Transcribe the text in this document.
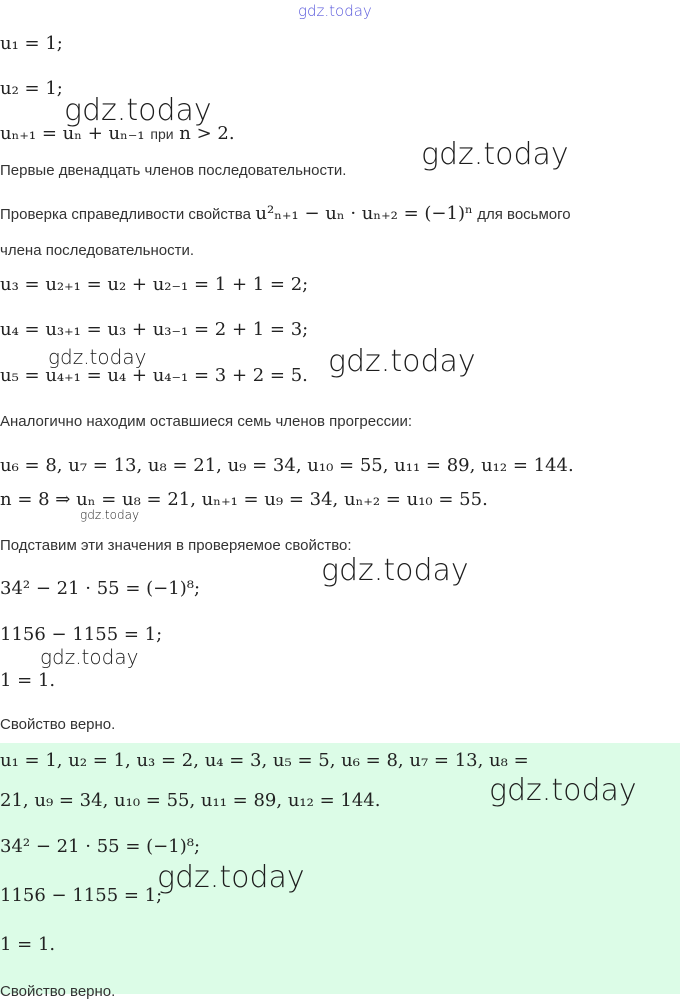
gdz.today
u₁ = 1;
u₂ = 1;
uₙ₊₁ = uₙ + uₙ₋₁ при n > 2.
Первые двенадцать членов последовательности.
Проверка справедливости свойства u²ₙ₊₁ − uₙ · uₙ₊₂ = (−1)ⁿ для восьмого
члена последовательности.
u₃ = u₂₊₁ = u₂ + u₂₋₁ = 1 + 1 = 2;
u₄ = u₃₊₁ = u₃ + u₃₋₁ = 2 + 1 = 3;
u₅ = u₄₊₁ = u₄ + u₄₋₁ = 3 + 2 = 5.
Аналогично находим оставшиеся семь членов прогрессии:
u₆ = 8, u₇ = 13, u₈ = 21, u₉ = 34, u₁₀ = 55, u₁₁ = 89, u₁₂ = 144.
n = 8 ⇒ uₙ = u₈ = 21, uₙ₊₁ = u₉ = 34, uₙ₊₂ = u₁₀ = 55.
Подставим эти значения в проверяемое свойство:
34² − 21 · 55 = (−1)⁸;
1156 − 1155 = 1;
1 = 1.
Свойство верно.
u₁ = 1, u₂ = 1, u₃ = 2, u₄ = 3, u₅ = 5, u₆ = 8, u₇ = 13, u₈ =
21, u₉ = 34, u₁₀ = 55, u₁₁ = 89, u₁₂ = 144.
34² − 21 · 55 = (−1)⁸;
1156 − 1155 = 1;
1 = 1.
Свойство верно.
gdz.today
gdz.today
gdz.today	gdz.today
gdz.today
gdz.today
gdz.today
gdz.today
gdz.today
